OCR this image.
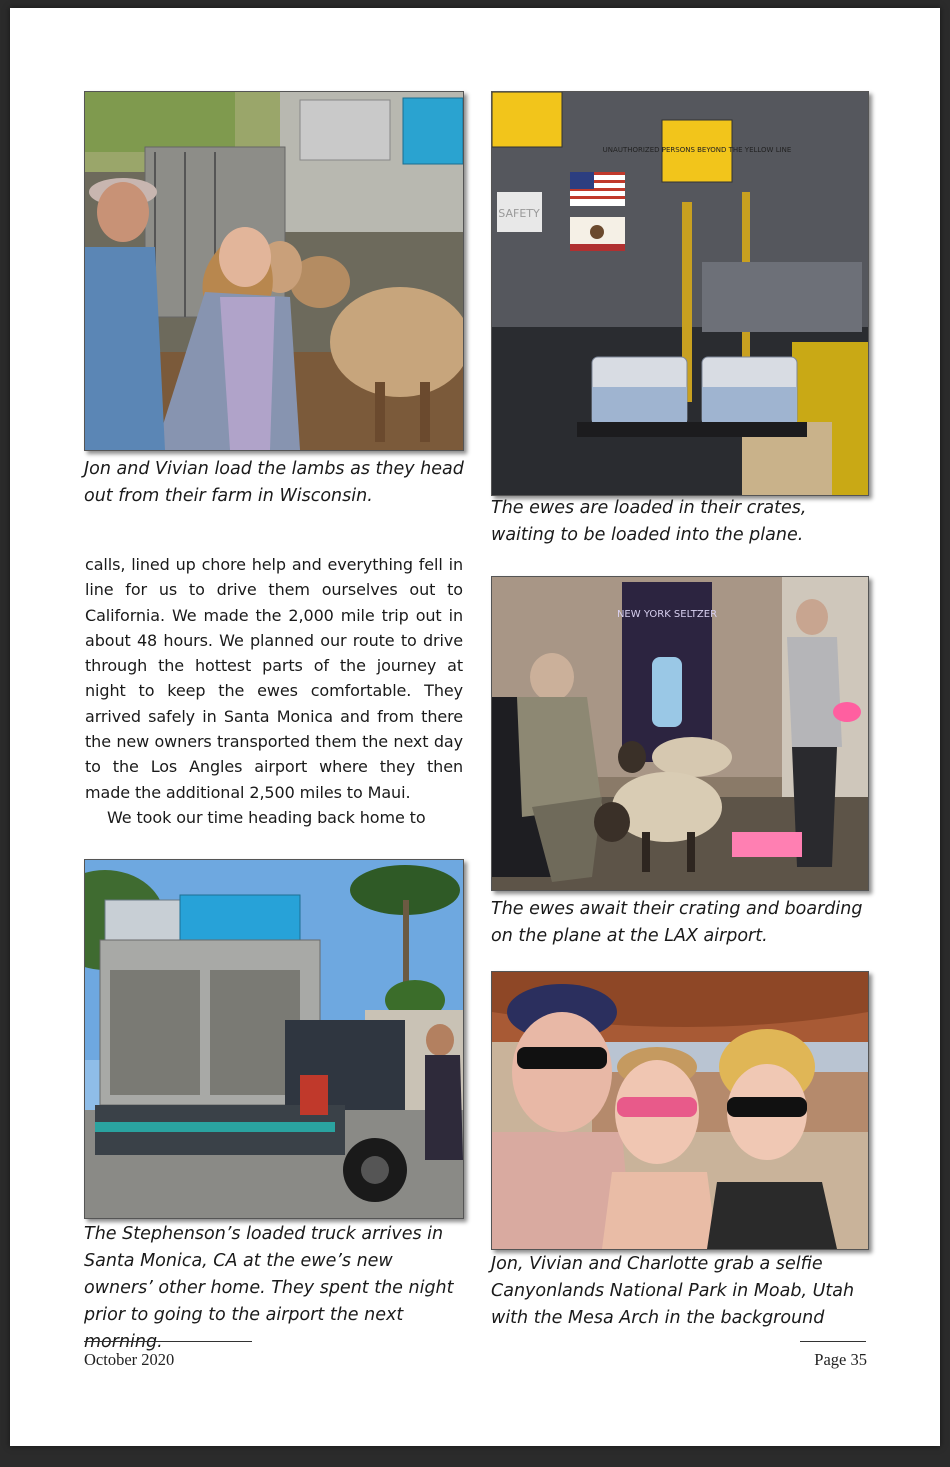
Jon and Vivian load the lambs as they head out from their farm in Wisconsin.

UNAUTHORIZED PERSONS BEYOND THE YELLOW LINE
SAFETY

The ewes are loaded in their crates, waiting to be loaded into the plane.

calls, lined up chore help and everything fell in line for us to drive them ourselves out to California. We made the 2,000 mile trip out in about 48 hours. We planned our route to drive through the hottest parts of the journey at night to keep the ewes comfortable. They arrived safely in Santa Monica and from there the new owners transported them the next day to the Los Angles airport where they then made the additional 2,500 miles to Maui.

We took our time heading back home to

NEW YORK SELTZER

The ewes await their crating and boarding on the plane at the LAX airport.

The Stephenson’s loaded truck arrives in Santa Monica, CA at the ewe’s new owners’ other home. They spent the night prior to going to the airport the next morning.

Jon, Vivian and Charlotte grab a selfie Canyonlands National Park in Moab, Utah with the Mesa Arch in the background

October 2020	Page 35
